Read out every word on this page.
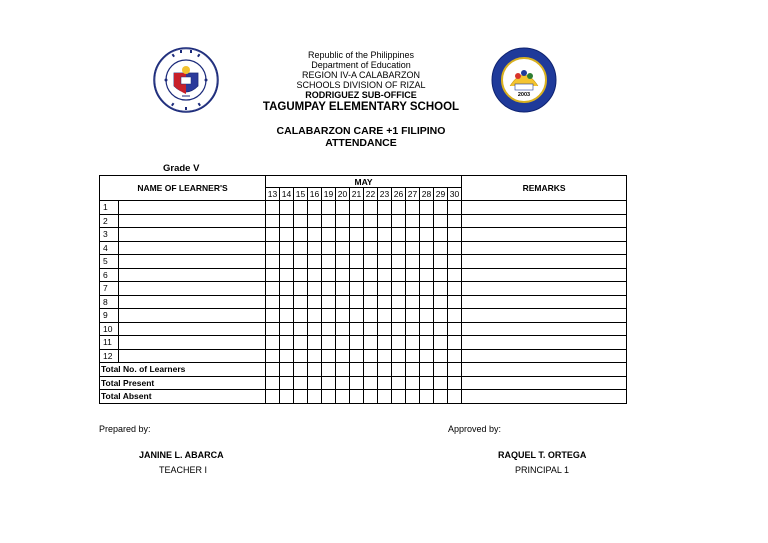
2003
Republic of the Philippines
Department of Education
REGION IV-A CALABARZON
SCHOOLS DIVISION OF RIZAL
RODRIGUEZ SUB-OFFICE
TAGUMPAY ELEMENTARY SCHOOL
CALABARZON CARE +1 FILIPINO
ATTENDANCE
Grade V
NAME OF LEARNER'S		MAY														REMARKS
		13	14	15	16	19	20	21	22	23	26	27	28	29	30	
1																
2																
3																
4																
5																
6																
7																
8																
9																
10																
11																
12																
Total No. of Learners																
Total Present																
Total Absent																
Prepared by:
JANINE L. ABARCA
TEACHER I
Approved by:
RAQUEL T. ORTEGA
PRINCIPAL 1
